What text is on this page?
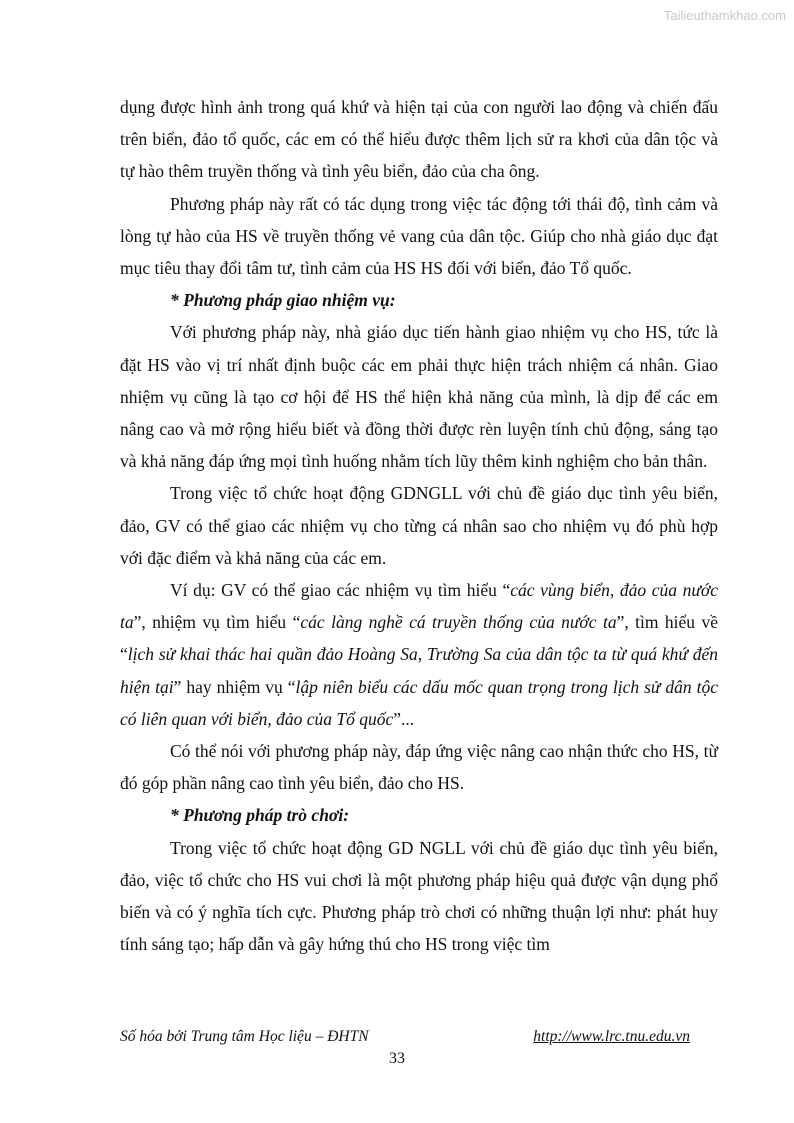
Tailieuthamkhao.com

dụng được hình ảnh trong quá khứ và hiện tại của con người lao động và chiến đấu trên biển, đảo tổ quốc, các em có thể hiểu được thêm lịch sử ra khơi của dân tộc và tự hào thêm truyền thống và tình yêu biển, đảo của cha ông.

Phương pháp này rất có tác dụng trong việc tác động tới thái độ, tình cảm và lòng tự hào của HS về truyền thống vẻ vang của dân tộc. Giúp cho nhà giáo dục đạt mục tiêu thay đổi tâm tư, tình cảm của HS HS đối với biển, đảo Tổ quốc.

* Phương pháp giao nhiệm vụ:

Với phương pháp này, nhà giáo dục tiến hành giao nhiệm vụ cho HS, tức là đặt HS vào vị trí nhất định buộc các em phải thực hiện trách nhiệm cá nhân. Giao nhiệm vụ cũng là tạo cơ hội để HS thể hiện khả năng của mình, là dịp để các em nâng cao và mở rộng hiểu biết và đồng thời được rèn luyện tính chủ động, sáng tạo và khả năng đáp ứng mọi tình huống nhằm tích lũy thêm kinh nghiệm cho bản thân.

Trong việc tổ chức hoạt động GDNGLL với chủ đề giáo dục tình yêu biển, đảo, GV có thể giao các nhiệm vụ cho từng cá nhân sao cho nhiệm vụ đó phù hợp với đặc điểm và khả năng của các em.

Ví dụ: GV có thể giao các nhiệm vụ tìm hiểu “các vùng biển, đảo của nước ta”, nhiệm vụ tìm hiểu “các làng nghề cá truyền thống của nước ta”, tìm hiểu về “lịch sử khai thác hai quần đảo Hoàng Sa, Trường Sa của dân tộc ta từ quá khứ đến hiện tại” hay nhiệm vụ “lập niên biểu các dấu mốc quan trọng trong lịch sử dân tộc có liên quan với biển, đảo của Tổ quốc”...

Có thể nói với phương pháp này, đáp ứng việc nâng cao nhận thức cho HS, từ đó góp phần nâng cao tình yêu biển, đảo cho HS.

* Phương pháp trò chơi:

Trong việc tổ chức hoạt động GD NGLL với chủ đề giáo dục tình yêu biển, đảo, việc tổ chức cho HS vui chơi là một phương pháp hiệu quả được vận dụng phổ biến và có ý nghĩa tích cực. Phương pháp trò chơi có những thuận lợi như: phát huy tính sáng tạo; hấp dẫn và gây hứng thú cho HS trong việc tìm

Số hóa bởi Trung tâm Học liệu – ĐHTN	http://www.lrc.tnu.edu.vn
33
